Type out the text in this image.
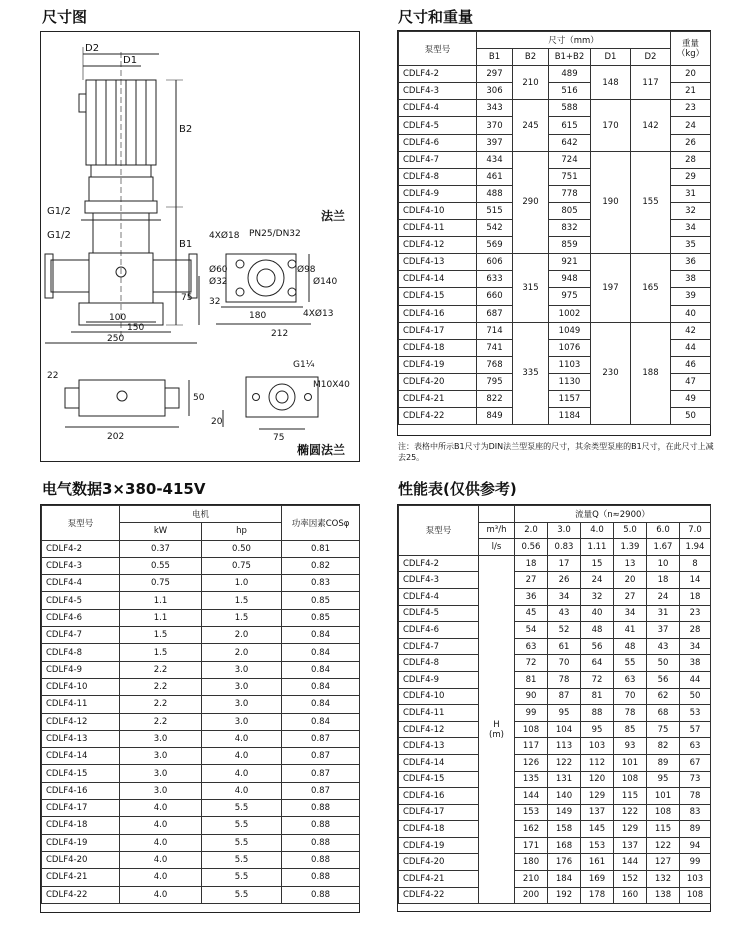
尺寸图	尺寸和重量
电气数据3×380-415V	性能表(仅供参考)
D2
D1
B2
B1
G1/2
G1/2
75
100
150
250
法兰
PN25/DN32
4XØ18
Ø60
Ø32
Ø98
Ø140
32
180
212
4XØ13
22
50
202
G1¼
M10X40
20
75
椭圆法兰
泵型号	尺寸（mm）					重量（kg）
	B1	B2	B1+B2	D1	D2	
CDLF4-2	297	210	489	148	117	20
CDLF4-3	306		516			21
CDLF4-4	343	245	588	170	142	23
CDLF4-5	370		615			24
CDLF4-6	397		642			26
CDLF4-7	434	290	724	190	155	28
CDLF4-8	461		751			29
CDLF4-9	488		778			31
CDLF4-10	515		805			32
CDLF4-11	542		832			34
CDLF4-12	569		859			35
CDLF4-13	606	315	921	197	165	36
CDLF4-14	633		948			38
CDLF4-15	660		975			39
CDLF4-16	687		1002			40
CDLF4-17	714	335	1049	230	188	42
CDLF4-18	741		1076			44
CDLF4-19	768		1103			46
CDLF4-20	795		1130			47
CDLF4-21	822		1157			49
CDLF4-22	849		1184			50
注：表格中所示B1尺寸为DIN法兰型泵座的尺寸，其余类型泵座的B1尺寸，在此尺寸上减去25。
泵型号	电机		功率因素COSφ
	kW	hp	
CDLF4-2	0.37	0.50	0.81
CDLF4-3	0.55	0.75	0.82
CDLF4-4	0.75	1.0	0.83
CDLF4-5	1.1	1.5	0.85
CDLF4-6	1.1	1.5	0.85
CDLF4-7	1.5	2.0	0.84
CDLF4-8	1.5	2.0	0.84
CDLF4-9	2.2	3.0	0.84
CDLF4-10	2.2	3.0	0.84
CDLF4-11	2.2	3.0	0.84
CDLF4-12	2.2	3.0	0.84
CDLF4-13	3.0	4.0	0.87
CDLF4-14	3.0	4.0	0.87
CDLF4-15	3.0	4.0	0.87
CDLF4-16	3.0	4.0	0.87
CDLF4-17	4.0	5.5	0.88
CDLF4-18	4.0	5.5	0.88
CDLF4-19	4.0	5.5	0.88
CDLF4-20	4.0	5.5	0.88
CDLF4-21	4.0	5.5	0.88
CDLF4-22	4.0	5.5	0.88
泵型号		流量Q（n≈2900）					
	m³/h	2.0	3.0	4.0	5.0	6.0	7.0
	l/s	0.56	0.83	1.11	1.39	1.67	1.94
CDLF4-2	H
(m)	18	17	15	13	10	8
CDLF4-3		27	26	24	20	18	14
CDLF4-4		36	34	32	27	24	18
CDLF4-5		45	43	40	34	31	23
CDLF4-6		54	52	48	41	37	28
CDLF4-7		63	61	56	48	43	34
CDLF4-8		72	70	64	55	50	38
CDLF4-9		81	78	72	63	56	44
CDLF4-10		90	87	81	70	62	50
CDLF4-11		99	95	88	78	68	53
CDLF4-12		108	104	95	85	75	57
CDLF4-13		117	113	103	93	82	63
CDLF4-14		126	122	112	101	89	67
CDLF4-15		135	131	120	108	95	73
CDLF4-16		144	140	129	115	101	78
CDLF4-17		153	149	137	122	108	83
CDLF4-18		162	158	145	129	115	89
CDLF4-19		171	168	153	137	122	94
CDLF4-20		180	176	161	144	127	99
CDLF4-21		210	184	169	152	132	103
CDLF4-22		200	192	178	160	138	108
